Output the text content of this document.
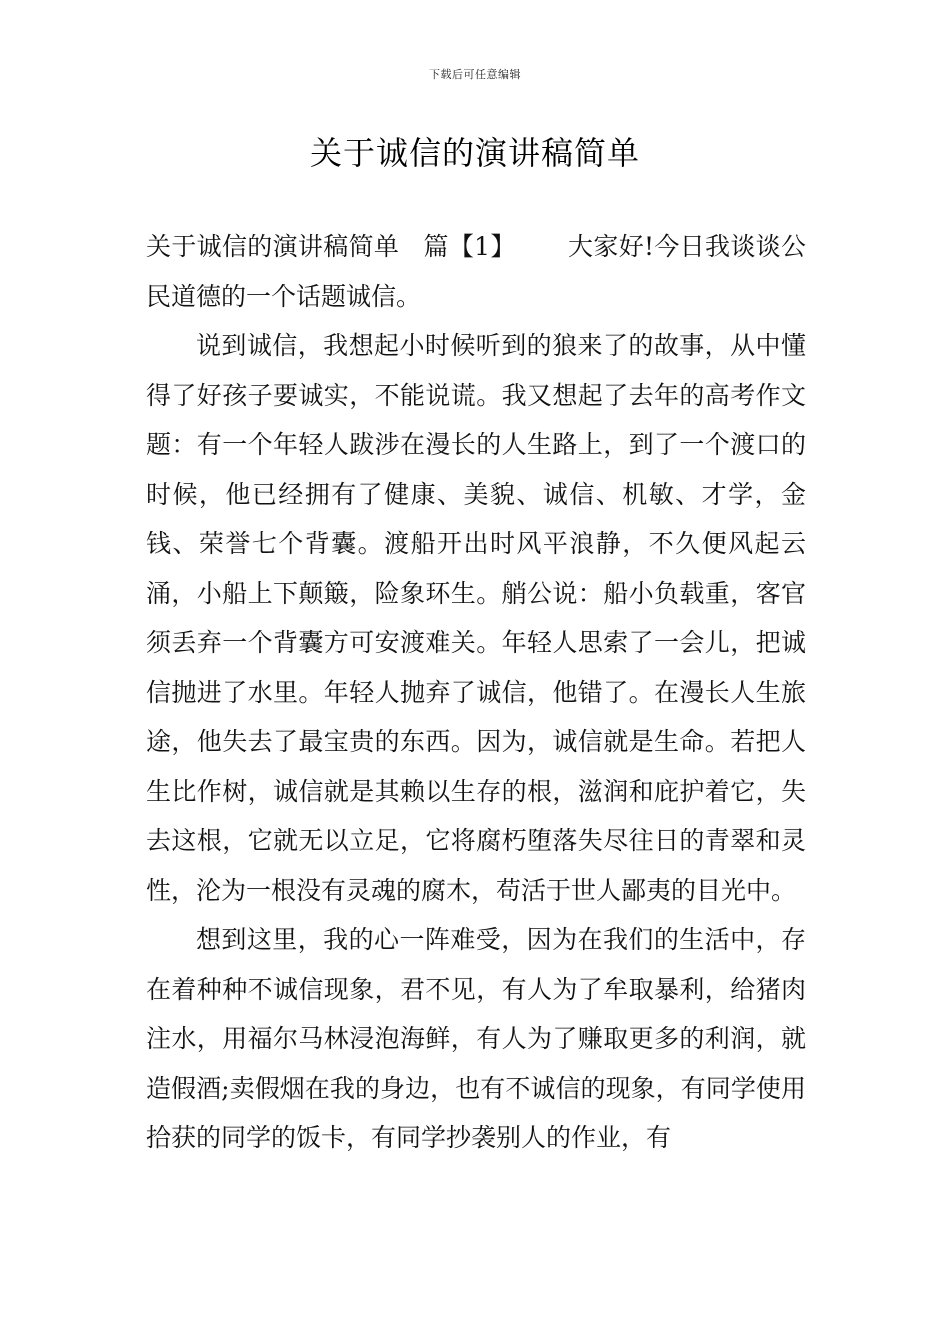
下载后可任意编辑
关于诚信的演讲稿简单

关于诚信的演讲稿简单 篇【1】 大家好!今日我谈谈公民道德的一个话题诚信。

说到诚信，我想起小时候听到的狼来了的故事，从中懂得了好孩子要诚实，不能说谎。我又想起了去年的高考作文题：有一个年轻人跋涉在漫长的人生路上，到了一个渡口的时候，他已经拥有了健康、美貌、诚信、机敏、才学，金钱、荣誉七个背囊。渡船开出时风平浪静，不久便风起云涌，小船上下颠簸，险象环生。艄公说：船小负载重，客官须丢弃一个背囊方可安渡难关。年轻人思索了一会儿，把诚信抛进了水里。年轻人抛弃了诚信，他错了。在漫长人生旅途，他失去了最宝贵的东西。因为，诚信就是生命。若把人生比作树，诚信就是其赖以生存的根，滋润和庇护着它，失去这根，它就无以立足，它将腐朽堕落失尽往日的青翠和灵性，沦为一根没有灵魂的腐木，苟活于世人鄙夷的目光中。

想到这里，我的心一阵难受，因为在我们的生活中，存在着种种不诚信现象，君不见，有人为了牟取暴利，给猪肉注水，用福尔马林浸泡海鲜，有人为了赚取更多的利润，就造假酒;卖假烟在我的身边，也有不诚信的现象，有同学使用拾获的同学的饭卡，有同学抄袭别人的作业，有
